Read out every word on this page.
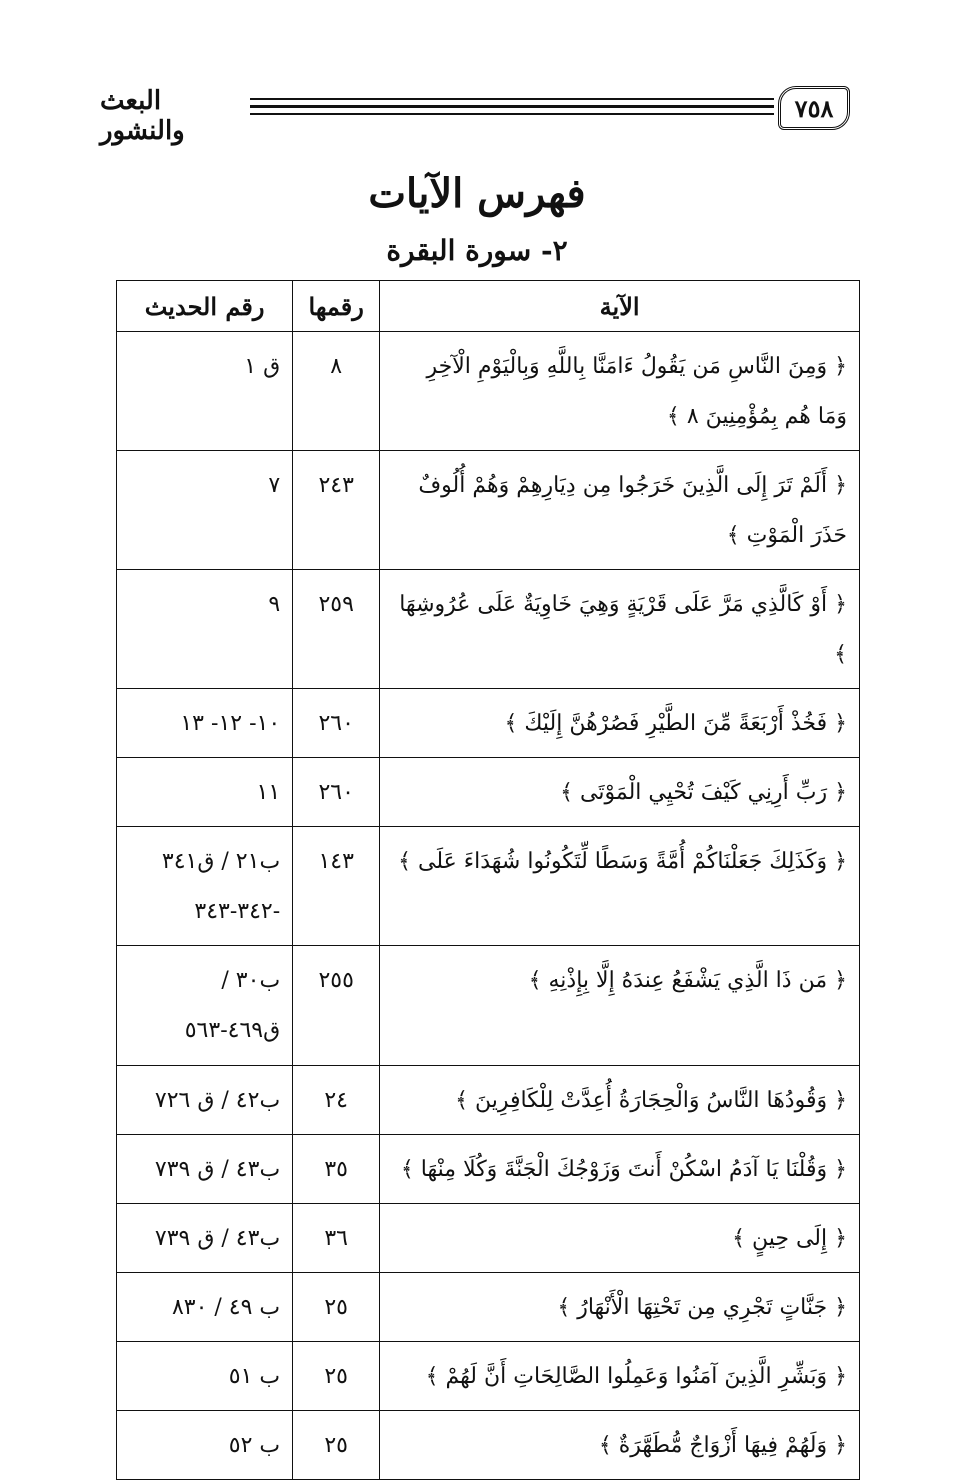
٧٥٨
البعث والنشور
فهرس الآيات
٢- سورة البقرة
الآية	رقمها	رقم الحديث
﴿ وَمِنَ النَّاسِ مَن يَقُولُ ءَامَنَّا بِاللَّهِ وَبِالْيَوْمِ الْآخِرِ وَمَا هُم بِمُؤْمِنِينَ ٨ ﴾	٨	ق ١
﴿ أَلَمْ تَرَ إِلَى الَّذِينَ خَرَجُوا مِن دِيَارِهِمْ وَهُمْ أُلُوفٌ حَذَرَ الْمَوْتِ ﴾	٢٤٣	٧
﴿ أَوْ كَالَّذِي مَرَّ عَلَى قَرْيَةٍ وَهِيَ خَاوِيَةٌ عَلَى عُرُوشِهَا ﴾	٢٥٩	٩
﴿ فَخُذْ أَرْبَعَةً مِّنَ الطَّيْرِ فَصُرْهُنَّ إِلَيْكَ ﴾	٢٦٠	١٠- ١٢- ١٣
﴿ رَبِّ أَرِنِي كَيْفَ تُحْيِي الْمَوْتَى ﴾	٢٦٠	١١
﴿ وَكَذَلِكَ جَعَلْنَاكُمْ أُمَّةً وَسَطًا لِّتَكُونُوا شُهَدَاءَ عَلَى ﴾	١٤٣	ب٢١ / ق٣٤١ -٣٤٢-٣٤٣
﴿ مَن ذَا الَّذِي يَشْفَعُ عِندَهُ إِلَّا بِإِذْنِهِ ﴾	٢٥٥	ب٣٠ / ق٤٦٩-٥٦٣
﴿ وَقُودُهَا النَّاسُ وَالْحِجَارَةُ أُعِدَّتْ لِلْكَافِرِينَ ﴾	٢٤	ب٤٢ / ق ٧٢٦
﴿ وَقُلْنَا يَا آدَمُ اسْكُنْ أَنتَ وَزَوْجُكَ الْجَنَّةَ وَكُلَا مِنْهَا ﴾	٣٥	ب٤٣ / ق ٧٣٩
﴿ إِلَى حِينٍ ﴾	٣٦	ب٤٣ / ق ٧٣٩
﴿ جَنَّاتٍ تَجْرِي مِن تَحْتِهَا الْأَنْهَارُ ﴾	٢٥	ب ٤٩ / ٨٣٠
﴿ وَبَشِّرِ الَّذِينَ آمَنُوا وَعَمِلُوا الصَّالِحَاتِ أَنَّ لَهُمْ ﴾	٢٥	ب ٥١
﴿ وَلَهُمْ فِيهَا أَزْوَاجٌ مُّطَهَّرَةٌ ﴾	٢٥	ب ٥٢
